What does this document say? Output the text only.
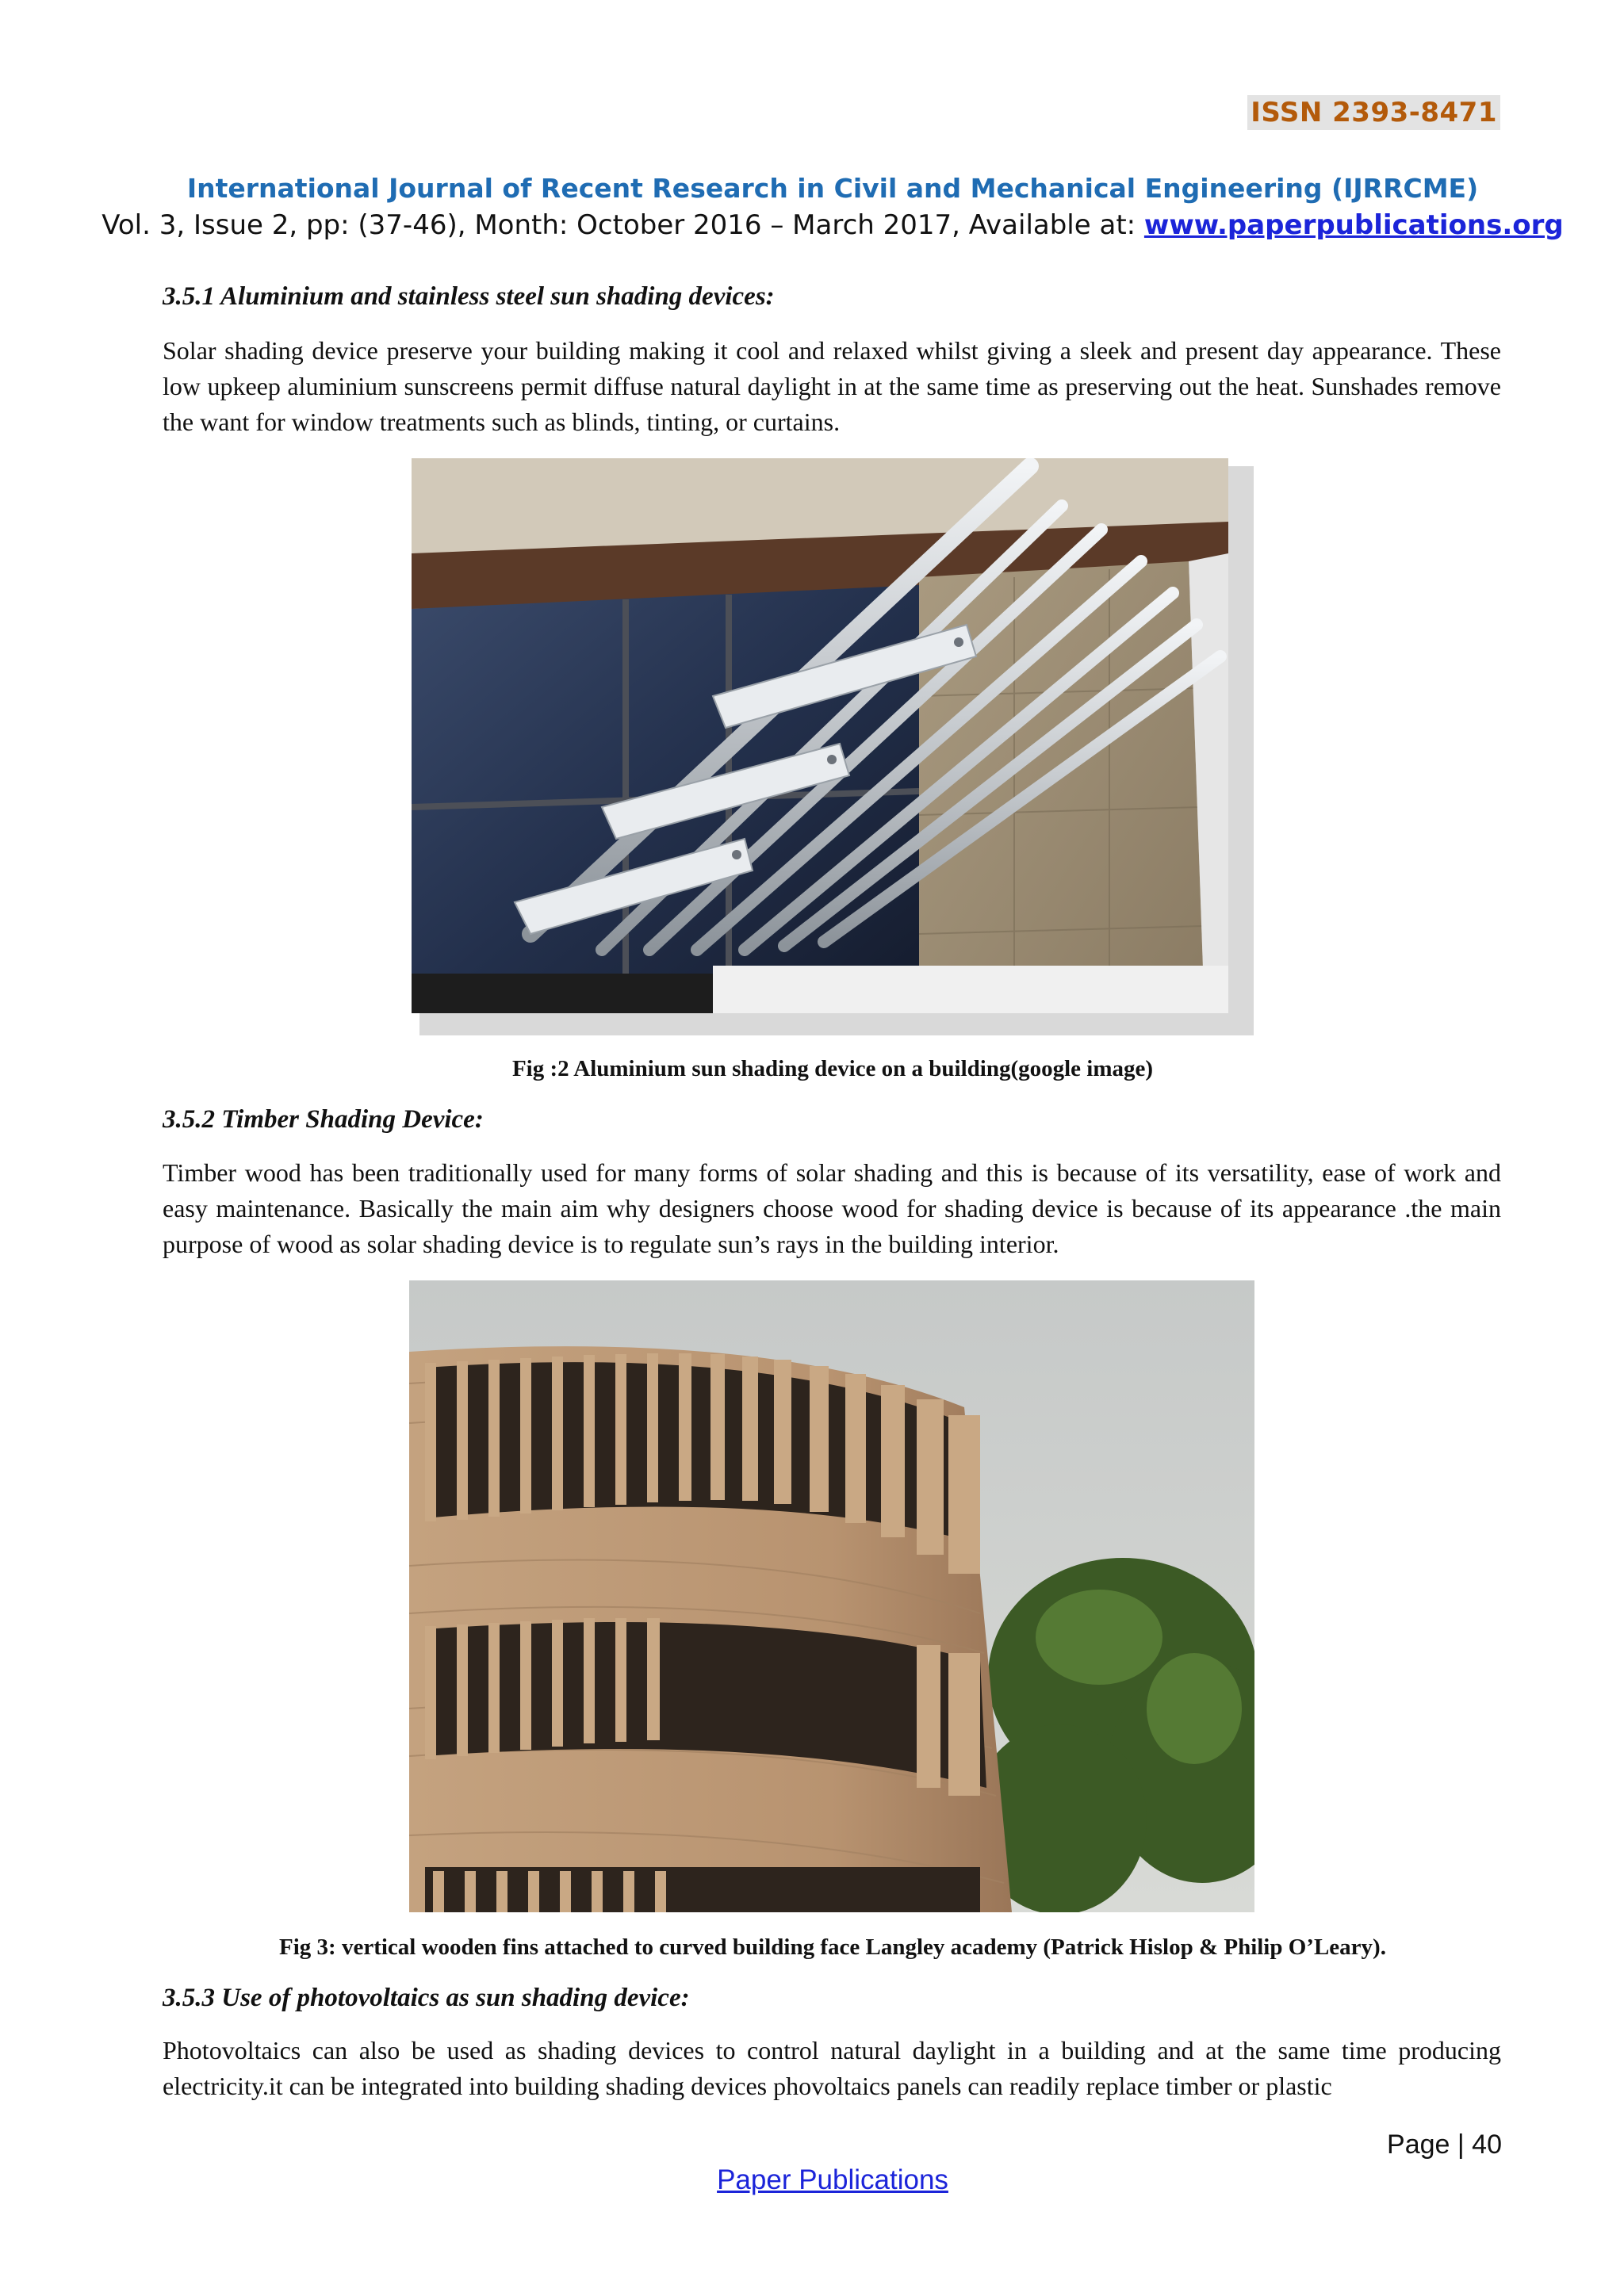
ISSN 2393-8471
International Journal of Recent Research in Civil and Mechanical Engineering (IJRRCME)
Vol. 3, Issue 2, pp: (37-46), Month: October 2016 – March 2017, Available at: www.paperpublications.org
3.5.1 Aluminium and stainless steel sun shading devices:
Solar shading device preserve your building making it cool and relaxed whilst giving a sleek and present day appearance. These low upkeep aluminium sunscreens permit diffuse natural daylight in at the same time as preserving out the heat. Sunshades remove the want for window treatments such as blinds, tinting, or curtains.
Fig :2 Aluminium sun shading device on a building(google image)
3.5.2 Timber Shading Device:
Timber wood has been traditionally used for many forms of solar shading and this is because of its versatility, ease of work and easy maintenance. Basically the main aim why designers choose wood for shading device is because of its appearance .the main purpose of wood as solar shading device is to regulate sun’s rays in the building interior.
Fig 3: vertical wooden fins attached to curved building face Langley academy (Patrick Hislop & Philip O’Leary).
3.5.3 Use of photovoltaics as sun shading device:
Photovoltaics can also be used as shading devices to control natural daylight in a building and at the same time producing electricity.it can be integrated into building shading devices phovoltaics panels can readily replace timber or plastic
Page | 40
Paper Publications
